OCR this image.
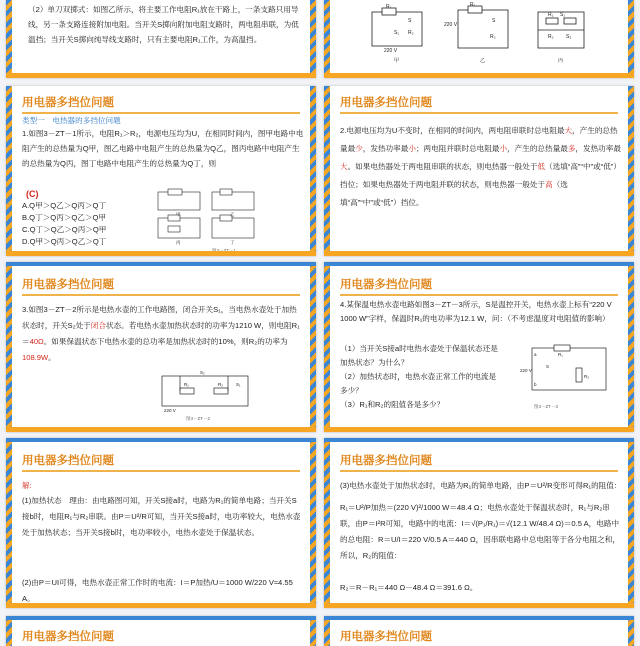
（2）单刀双掷式：如图乙所示，将主要工作电阻R₁放在干路上，一条支路只用导线，另一条支路连接附加电阻。当开关S掷向附加电阻支路时，两电阻串联，为低温挡；当开关S掷向纯导线支路时，只有主要电阻R₁工作，为高温挡。
R₁
S
S₁ R₂
220 V
220 V
S
R₁
R₂
R₁ S₁
R₂ S₂
甲	乙	丙
用电器多挡位问题
类型一　电热器的多挡位问题
1.如图3－ZT－1所示，电阻R₁＞R₂，电源电压均为U，在相同时间内，图甲电路中电阻产生的总热量为Q甲，图乙电路中电阻产生的总热量为Q乙，图丙电路中电阻产生的总热量为Q丙，图丁电路中电阻产生的总热量为Q丁，则
(C)
A.Q甲＞Q乙＞Q丙＞Q丁
B.Q丁＞Q丙＞Q乙＞Q甲
C.Q丁＞Q乙＞Q丙＞Q甲
D.Q甲＞Q丙＞Q乙＞Q丁
甲	乙
丙	丁
用电器多挡位问题
2.电源电压均为U不变时，在相同的时间内，两电阻串联时总电阻最大，产生的总热量最少，发热功率最小；两电阻并联时总电阻最小，产生的总热量最多，发热功率最大。如果电热器处于两电阻串联的状态，则电热器一般处于低（选填“高”“中”或“低”）挡位；如果电热器处于两电阻并联的状态，则电热器一般处于高（选填“高”“中”或“低”）挡位。
用电器多挡位问题
3.如图3－ZT－2所示是电热水壶的工作电路图，闭合开关S₁，当电热水壶处于加热状态时，开关S₂处于闭合状态。若电热水壶加热状态时的功率为1210 W，则电阻R₁＝40Ω。如果保温状态下电热水壶的总功率是加热状态时的10%，则R₂的功率为108.9W。
S₂
S₁
R₁	R₂
220 V
图3－ZT－2
用电器多挡位问题
4.某保温电热水壶电路如图3－ZT－3所示，S是温控开关，电热水壶上标有“220 V　1000 W”字样，保温时R₁的电功率为12.1 W，问：（不考虑温度对电阻值的影响）
（1）当开关S接a时电热水壶处于保温状态还是加热状态？为什么？
（2）加热状态时，电热水壶正常工作的电流是多少？
（3）R₁和R₂的阻值各是多少？
R₁
R₂
S
220 V
a
b
图3－ZT－3
用电器多挡位问题
解:
(1)加热状态　理由：由电路图可知，开关S接a时，电路为R₁的简单电路；当开关S接b时，电阻R₁与R₂串联。由P＝U²/R可知，当开关S接a时，电功率较大，电热水壶处于加热状态；当开关S接b时，电功率较小，电热水壶处于保温状态。
(2)由P＝UI可得，电热水壶正常工作时的电流：I＝P加热/U＝1000 W/220 V≈4.55 A。
用电器多挡位问题
(3)电热水壶处于加热状态时，电路为R₁的简单电路，由P＝U²/R变形可得R₁的阻值：
R₁＝U²/P加热＝(220 V)²/1000 W＝48.4 Ω；电热水壶处于保温状态时，R₁与R₂串联，由P＝I²R可知，电路中的电流：I＝√(P₁/R₁)＝√(12.1 W/48.4 Ω)＝0.5 A，电路中的总电阻：R＝U/I＝220 V/0.5 A＝440 Ω，因串联电路中总电阻等于各分电阻之和，所以，R₂的阻值：
R₂＝R－R₁＝440 Ω－48.4 Ω＝391.6 Ω。
用电器多挡位问题	用电器多挡位问题
